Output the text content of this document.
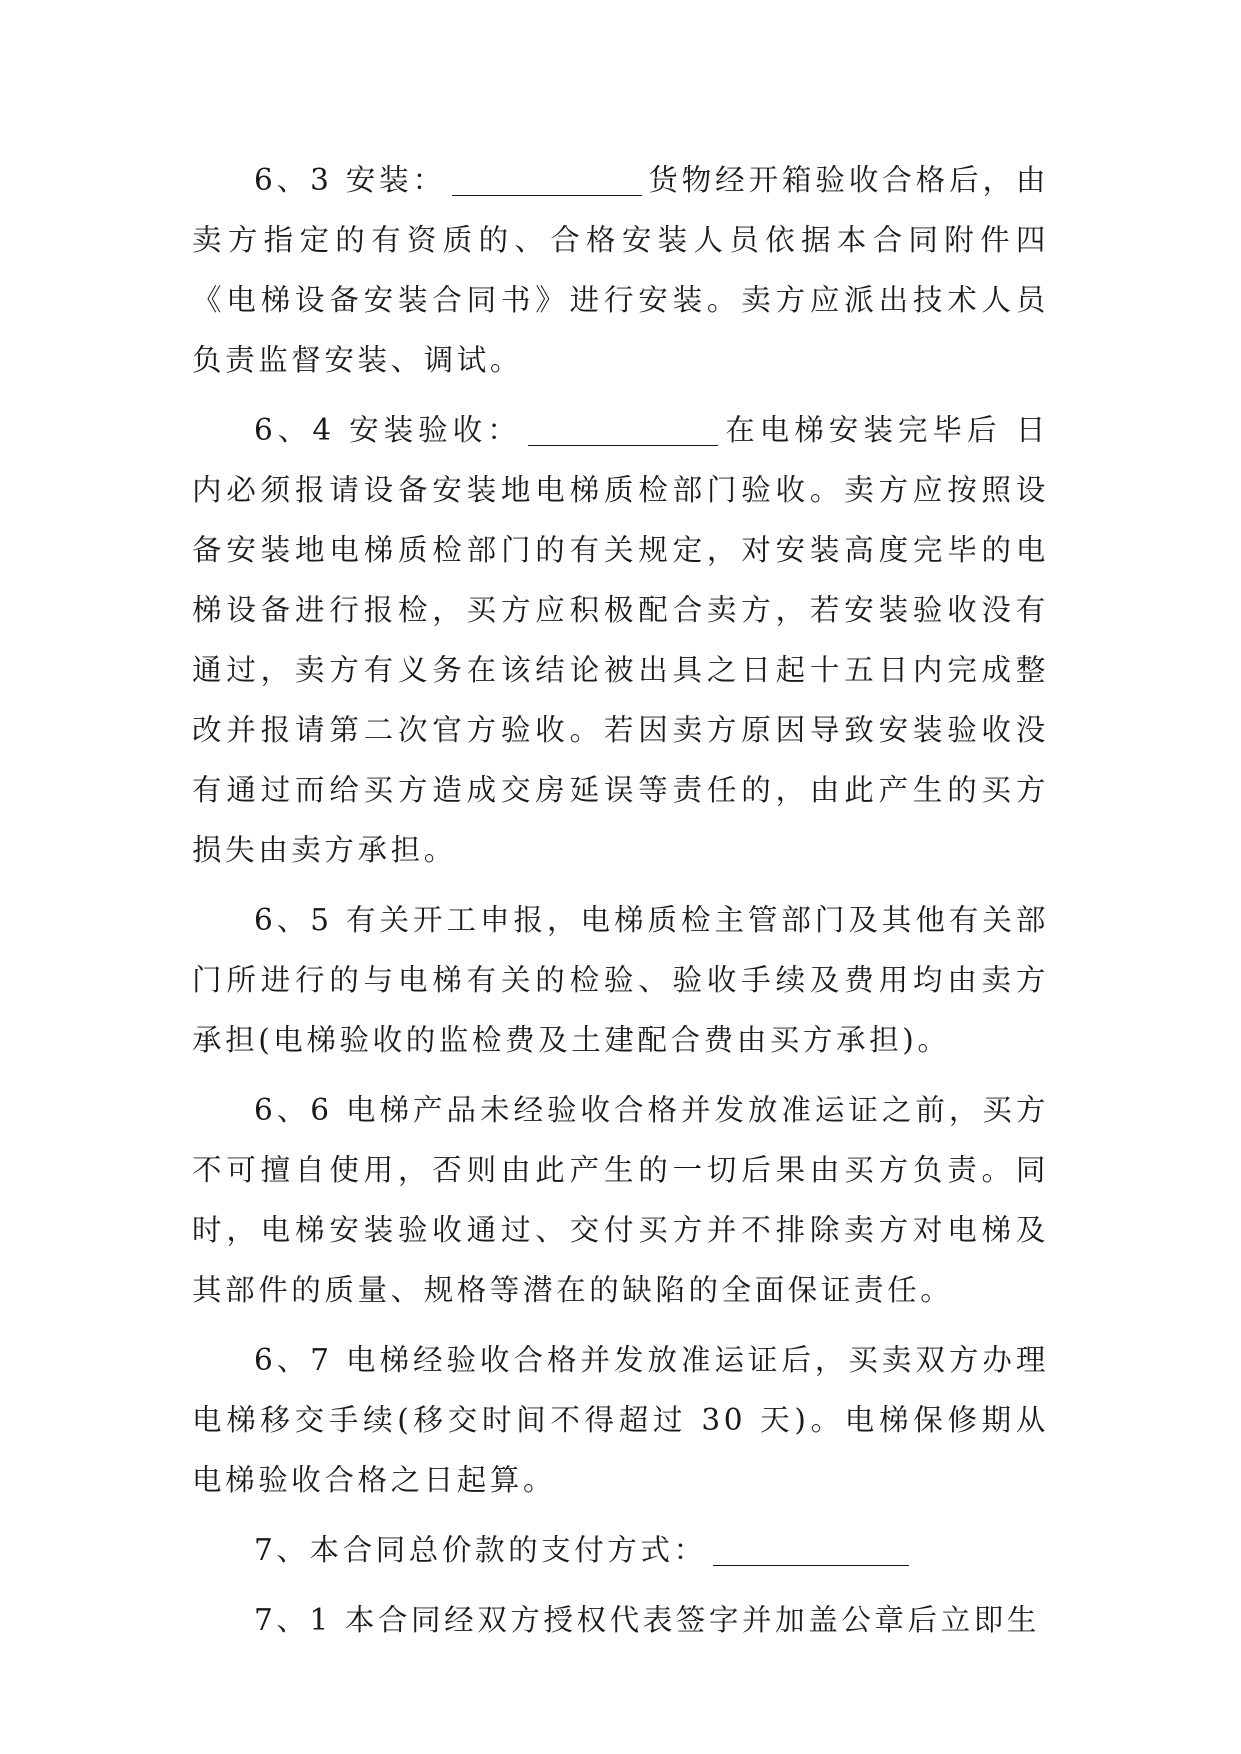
6、3 安装：	货物经开箱验收合格后，由卖方指定的有资质的、合格安装人员依据本合同附件四《电梯设备安装合同书》进行安装。卖方应派出技术人员负责监督安装、调试。

6、4 安装验收：	在电梯安装完毕后 日内必须报请设备安装地电梯质检部门验收。卖方应按照设备安装地电梯质检部门的有关规定，对安装高度完毕的电梯设备进行报检，买方应积极配合卖方，若安装验收没有通过，卖方有义务在该结论被出具之日起十五日内完成整改并报请第二次官方验收。若因卖方原因导致安装验收没有通过而给买方造成交房延误等责任的，由此产生的买方损失由卖方承担。

6、5 有关开工申报，电梯质检主管部门及其他有关部门所进行的与电梯有关的检验、验收手续及费用均由卖方承担(电梯验收的监检费及土建配合费由买方承担)。

6、6 电梯产品未经验收合格并发放准运证之前，买方不可擅自使用，否则由此产生的一切后果由买方负责。同时，电梯安装验收通过、交付买方并不排除卖方对电梯及其部件的质量、规格等潜在的缺陷的全面保证责任。

6、7 电梯经验收合格并发放准运证后，买卖双方办理电梯移交手续(移交时间不得超过 30 天)。电梯保修期从电梯验收合格之日起算。

7、本合同总价款的支付方式：

7、1 本合同经双方授权代表签字并加盖公章后立即生
